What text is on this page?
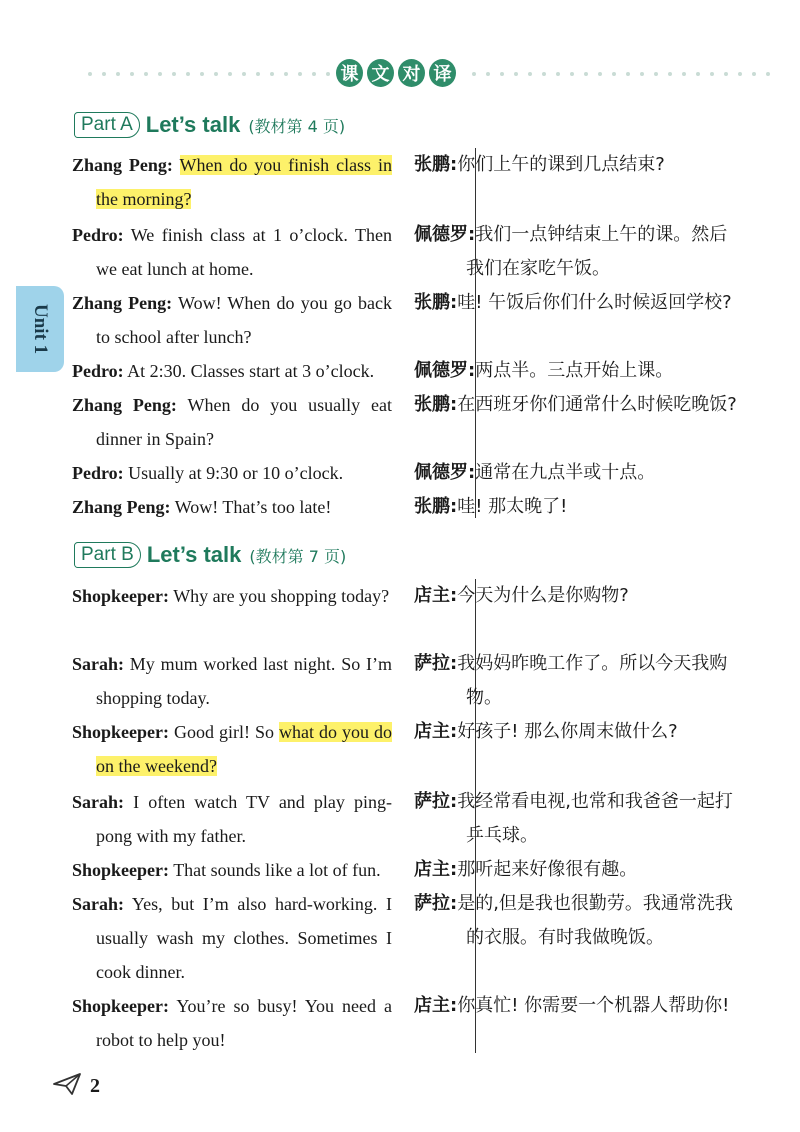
课 文 对 译
Unit 1
Part A Let’s talk (教材第 4 页)
Zhang Peng: When do you finish class in the morning?
张鹏:你们上午的课到几点结束?
Pedro: We finish class at 1 o’clock. Then we eat lunch at home.
佩德罗:我们一点钟结束上午的课。然后我们在家吃午饭。
Zhang Peng: Wow! When do you go back to school after lunch?
张鹏:哇! 午饭后你们什么时候返回学校?
Pedro: At 2:30. Classes start at 3 o’clock.	佩德罗:两点半。三点开始上课。
Zhang Peng: When do you usually eat dinner in Spain?
张鹏:在西班牙你们通常什么时候吃晚饭?
Pedro: Usually at 9:30 or 10 o’clock.	佩德罗:通常在九点半或十点。
Zhang Peng: Wow! That’s too late!	张鹏:哇! 那太晚了!
Part B Let’s talk (教材第 7 页)
Shopkeeper: Why are you shopping today? 店主:今天为什么是你购物?
Sarah: My mum worked last night. So I’m shopping today.
萨拉:我妈妈昨晚工作了。所以今天我购物。
Shopkeeper: Good girl! So what do you do on the weekend?
店主:好孩子! 那么你周末做什么?
Sarah: I often watch TV and play ping-pong with my father.
萨拉:我经常看电视,也常和我爸爸一起打乒乓球。
Shopkeeper: That sounds like a lot of fun.	店主:那听起来好像很有趣。
Sarah: Yes, but I’m also hard-working. I usually wash my clothes. Sometimes I cook dinner.
萨拉:是的,但是我也很勤劳。我通常洗我的衣服。有时我做晚饭。
Shopkeeper: You’re so busy! You need a robot to help you!
店主:你真忙! 你需要一个机器人帮助你!
2
